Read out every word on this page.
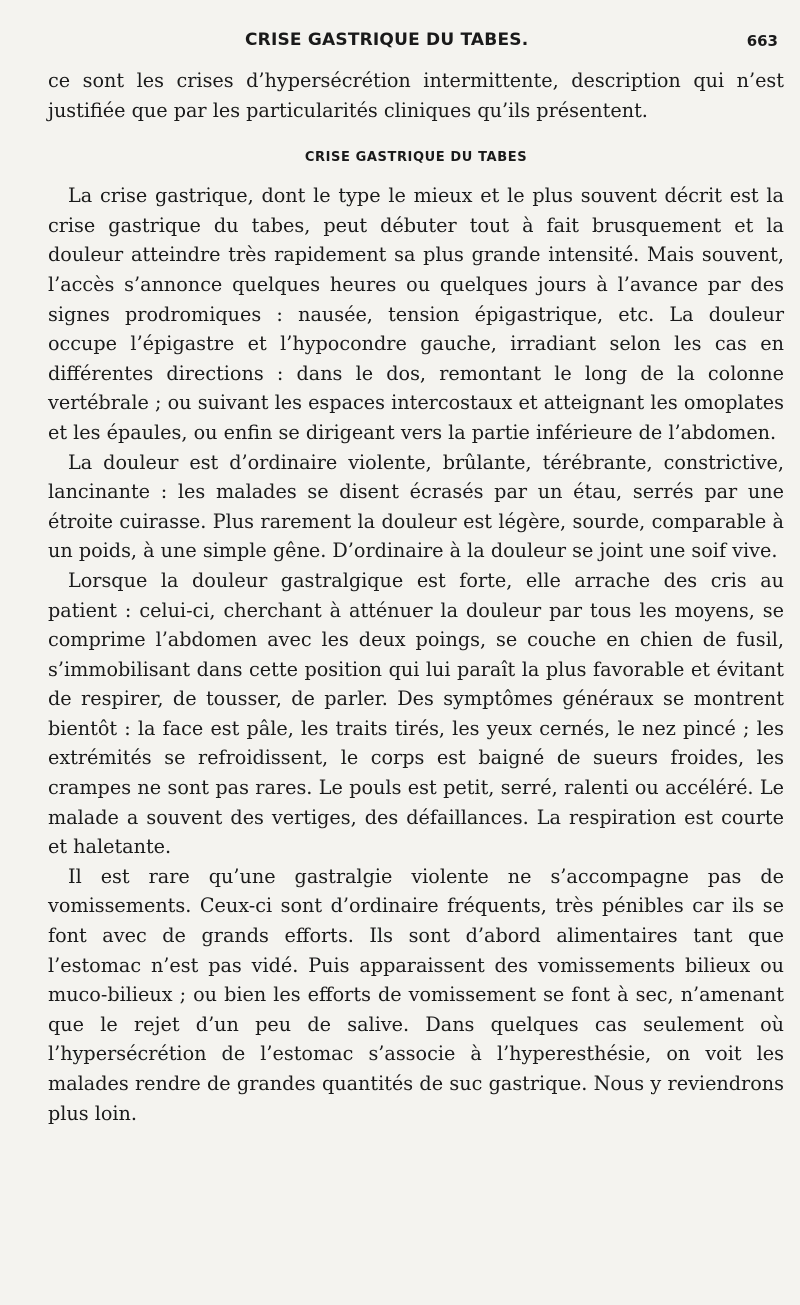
CRISE GASTRIQUE DU TABES.	663

ce sont les crises d’hypersécrétion intermittente, description qui n’est justifiée que par les particularités cliniques qu’ils présentent.

CRISE GASTRIQUE DU TABES

La crise gastrique, dont le type le mieux et le plus souvent décrit est la crise gastrique du tabes, peut débuter tout à fait brusquement et la douleur atteindre très rapidement sa plus grande intensité. Mais souvent, l’accès s’annonce quelques heures ou quelques jours à l’avance par des signes prodromiques : nausée, tension épigastrique, etc. La douleur occupe l’épigastre et l’hypocondre gauche, irradiant selon les cas en différentes directions : dans le dos, remontant le long de la colonne vertébrale ; ou suivant les espaces intercostaux et atteignant les omoplates et les épaules, ou enfin se dirigeant vers la partie inférieure de l’abdomen.

La douleur est d’ordinaire violente, brûlante, térébrante, constrictive, lancinante : les malades se disent écrasés par un étau, serrés par une étroite cuirasse. Plus rarement la douleur est légère, sourde, comparable à un poids, à une simple gêne. D’ordinaire à la douleur se joint une soif vive.

Lorsque la douleur gastralgique est forte, elle arrache des cris au patient : celui-ci, cherchant à atténuer la douleur par tous les moyens, se comprime l’abdomen avec les deux poings, se couche en chien de fusil, s’immobilisant dans cette position qui lui paraît la plus favorable et évitant de respirer, de tousser, de parler. Des symptômes généraux se montrent bientôt : la face est pâle, les traits tirés, les yeux cernés, le nez pincé ; les extrémités se refroidissent, le corps est baigné de sueurs froides, les crampes ne sont pas rares. Le pouls est petit, serré, ralenti ou accéléré. Le malade a souvent des vertiges, des défaillances. La respiration est courte et haletante.

Il est rare qu’une gastralgie violente ne s’accompagne pas de vomissements. Ceux-ci sont d’ordinaire fréquents, très pénibles car ils se font avec de grands efforts. Ils sont d’abord alimentaires tant que l’estomac n’est pas vidé. Puis apparaissent des vomissements bilieux ou muco-bilieux ; ou bien les efforts de vomissement se font à sec, n’amenant que le rejet d’un peu de salive. Dans quelques cas seulement où l’hypersécrétion de l’estomac s’associe à l’hyperesthésie, on voit les malades rendre de grandes quantités de suc gastrique. Nous y reviendrons plus loin.
